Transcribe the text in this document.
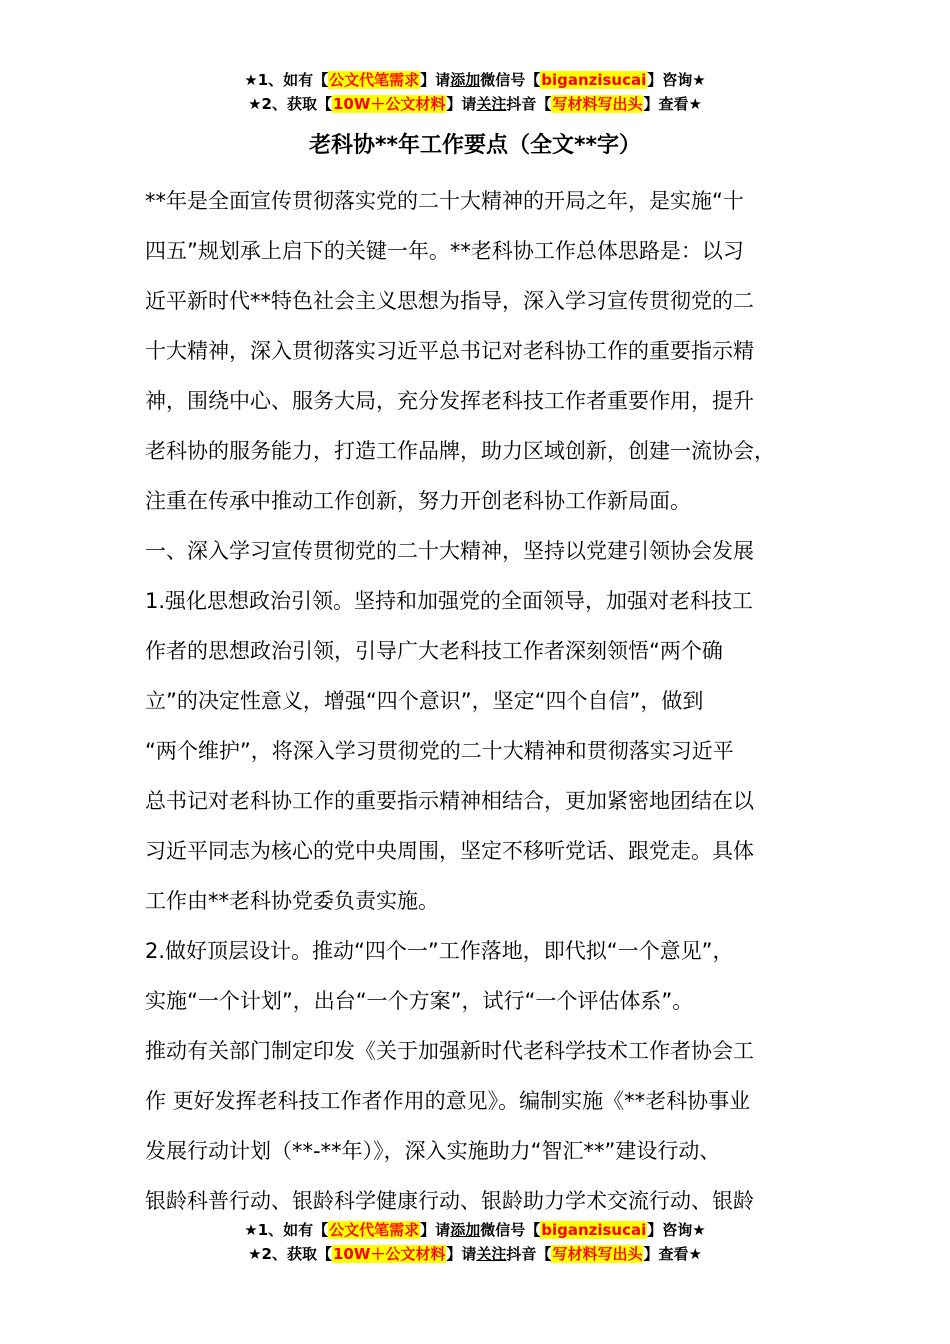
★1、如有【公文代笔需求】请添加微信号【biganzisucai】咨询★
★2、获取【10W＋公文材料】请关注抖音【写材料写出头】查看★
老科协**年工作要点（全文**字）
**年是全面宣传贯彻落实党的二十大精神的开局之年，是实施“十
四五”规划承上启下的关键一年。**老科协工作总体思路是：以习
近平新时代**特色社会主义思想为指导，深入学习宣传贯彻党的二
十大精神，深入贯彻落实习近平总书记对老科协工作的重要指示精
神，围绕中心、服务大局，充分发挥老科技工作者重要作用，提升
老科协的服务能力，打造工作品牌，助力区域创新，创建一流协会，
注重在传承中推动工作创新，努力开创老科协工作新局面。
一、深入学习宣传贯彻党的二十大精神，坚持以党建引领协会发展
1.强化思想政治引领。坚持和加强党的全面领导，加强对老科技工
作者的思想政治引领，引导广大老科技工作者深刻领悟“两个确
立”的决定性意义，增强“四个意识”，坚定“四个自信”，做到
“两个维护”，将深入学习贯彻党的二十大精神和贯彻落实习近平
总书记对老科协工作的重要指示精神相结合，更加紧密地团结在以
习近平同志为核心的党中央周围，坚定不移听党话、跟党走。具体
工作由**老科协党委负责实施。
2.做好顶层设计。推动“四个一”工作落地，即代拟“一个意见”，
实施“一个计划”，出台“一个方案”，试行“一个评估体系”。
推动有关部门制定印发《关于加强新时代老科学技术工作者协会工
作 更好发挥老科技工作者作用的意见》。编制实施《**老科协事业
发展行动计划（**-**年）》，深入实施助力“智汇**”建设行动、
银龄科普行动、银龄科学健康行动、银龄助力学术交流行动、银龄
★1、如有【公文代笔需求】请添加微信号【biganzisucai】咨询★
★2、获取【10W＋公文材料】请关注抖音【写材料写出头】查看★
